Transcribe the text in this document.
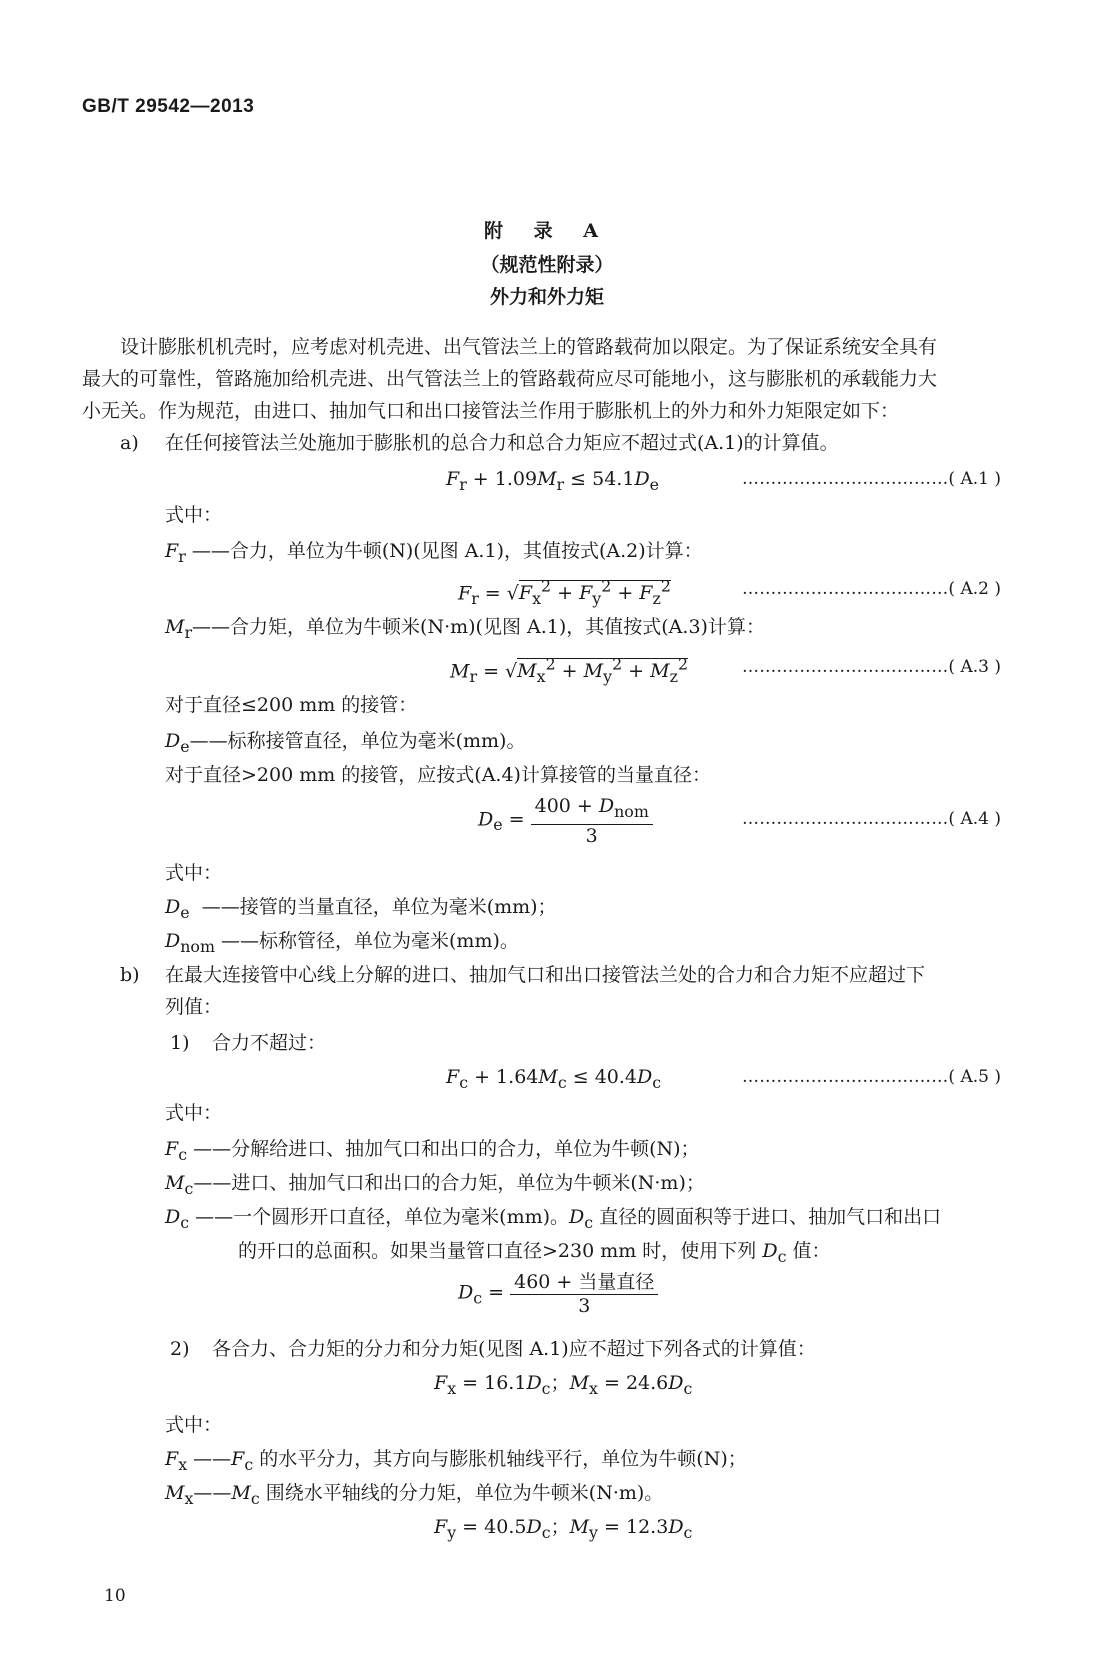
GB/T 29542—2013
附 录 A
（规范性附录）
外力和外力矩
设计膨胀机机壳时，应考虑对机壳进、出气管法兰上的管路载荷加以限定。为了保证系统安全具有
最大的可靠性，管路施加给机壳进、出气管法兰上的管路载荷应尽可能地小，这与膨胀机的承载能力大
小无关。作为规范，由进口、抽加气口和出口接管法兰作用于膨胀机上的外力和外力矩限定如下：
a) 在任何接管法兰处施加于膨胀机的总合力和总合力矩应不超过式(A.1)的计算值。
$F_r + 1.09M_r \le 54.1D_e$	………………………………( A.1 )
式中：
$F_r$ ——合力，单位为牛顿(N)(见图 A.1)，其值按式(A.2)计算：
$F_r = √F_x^2 + F_y^2 + F_z^2$	………………………………( A.2 )
$M_r——$合力矩，单位为牛顿米(N·m)(见图 A.1)，其值按式(A.3)计算：
$M_r = √M_x^2 + M_y^2 + M_z^2$	………………………………( A.3 )
对于直径≤200 mm 的接管：
$D_e——$标称接管直径，单位为毫米(mm)。
对于直径>200 mm 的接管，应按式(A.4)计算接管的当量直径：
$D_e = \frac{400 + D_{nom}}{3}$	………………………………( A.4 )
式中：
$D_e$ ——接管的当量直径，单位为毫米(mm)；
$D_{nom}$ ——标称管径，单位为毫米(mm)。
b) 在最大连接管中心线上分解的进口、抽加气口和出口接管法兰处的合力和合力矩不应超过下
列值：
1) 合力不超过：
$F_c + 1.64M_c \le 40.4D_c$	………………………………( A.5 )
式中：
$F_c$ ——分解给进口、抽加气口和出口的合力，单位为牛顿(N)；
$M_c——$进口、抽加气口和出口的合力矩，单位为牛顿米(N·m)；
$D_c$ ——一个圆形开口直径，单位为毫米(mm)。$D_c$ 直径的圆面积等于进口、抽加气口和出口
的开口的总面积。如果当量管口直径>230 mm 时，使用下列 $D_c$ 值：
$D_c = \frac{\text{460 + 当量直径}}{3}$
2) 各合力、合力矩的分力和分力矩(见图 A.1)应不超过下列各式的计算值：
$F_x = 16.1D_c$；$M_x = 24.6D_c$
式中：
$F_x$ $——F_c$ 的水平分力，其方向与膨胀机轴线平行，单位为牛顿(N)；
$M_x——M_c$ 围绕水平轴线的分力矩，单位为牛顿米(N·m)。
$F_y = 40.5D_c$；$M_y = 12.3D_c$
10
